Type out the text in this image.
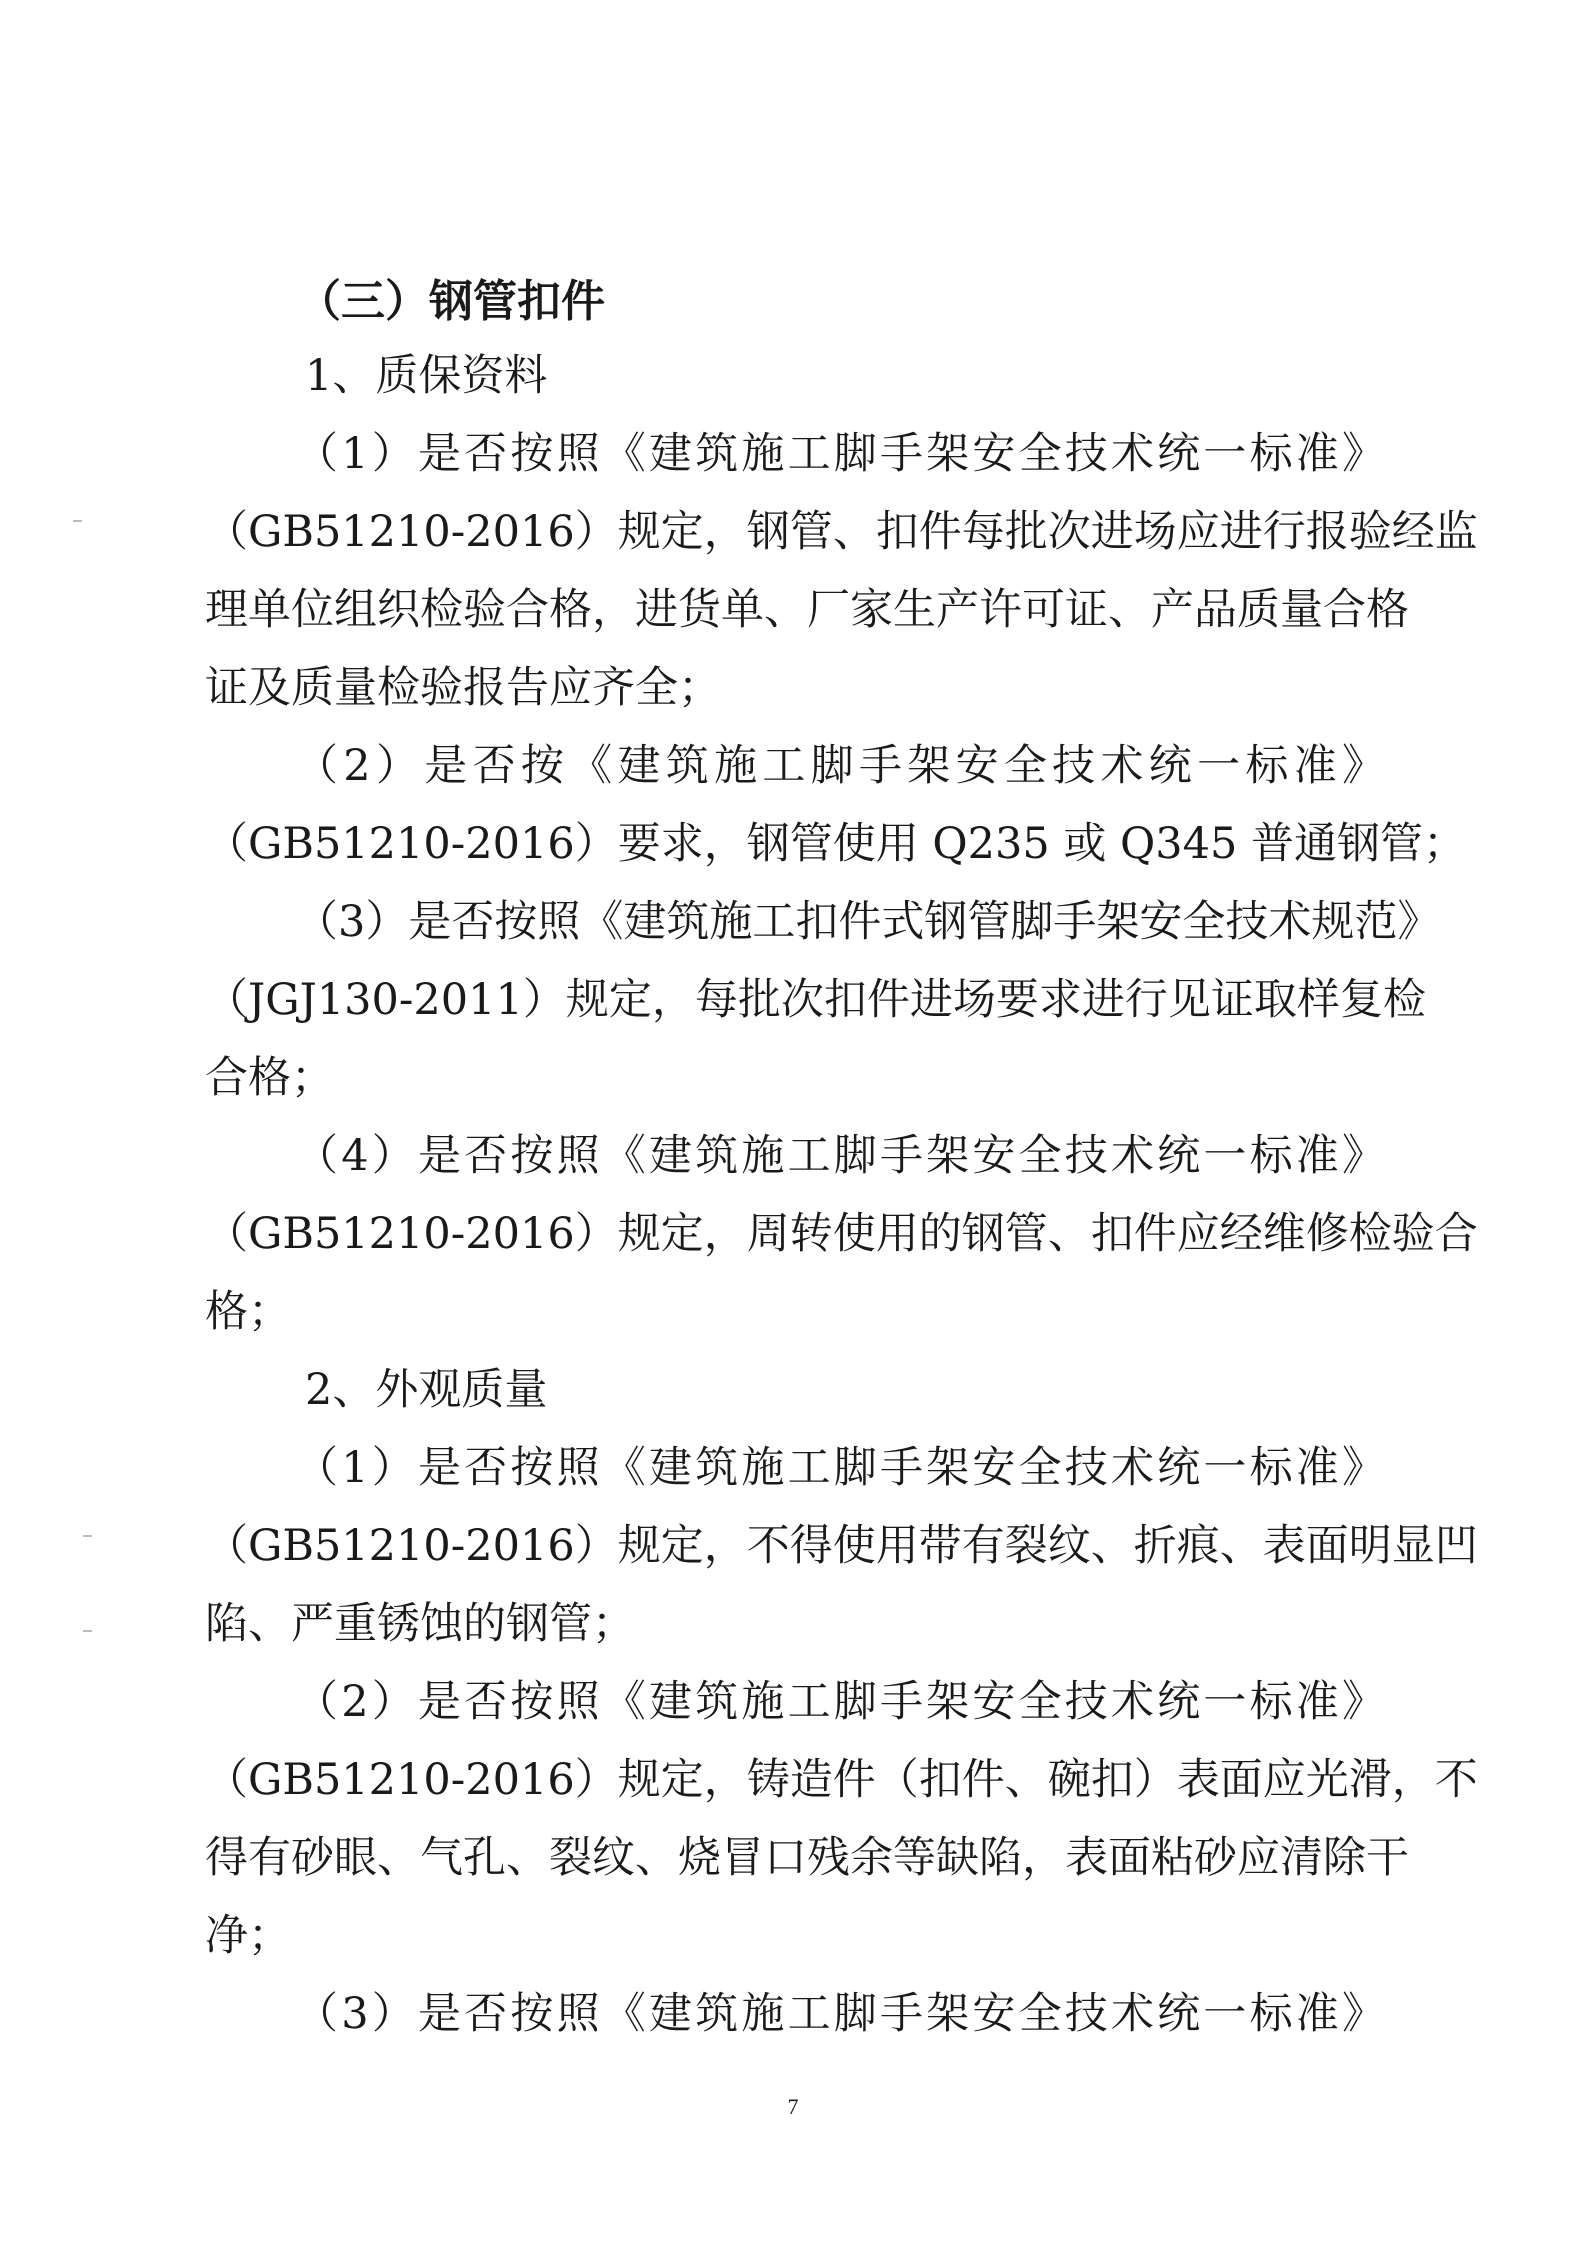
（三）钢管扣件
1、质保资料
（1）是否按照《建筑施工脚手架安全技术统一标准》
（GB51210-2016）规定，钢管、扣件每批次进场应进行报验经监
理单位组织检验合格，进货单、厂家生产许可证、产品质量合格
证及质量检验报告应齐全；
（2）是否按《建筑施工脚手架安全技术统一标准》
（GB51210-2016）要求，钢管使用 Q235 或 Q345 普通钢管；
（3）是否按照《建筑施工扣件式钢管脚手架安全技术规范》
（JGJ130-2011）规定，每批次扣件进场要求进行见证取样复检
合格；
（4）是否按照《建筑施工脚手架安全技术统一标准》
（GB51210-2016）规定，周转使用的钢管、扣件应经维修检验合
格；
2、外观质量
（1）是否按照《建筑施工脚手架安全技术统一标准》
（GB51210-2016）规定，不得使用带有裂纹、折痕、表面明显凹
陷、严重锈蚀的钢管；
（2）是否按照《建筑施工脚手架安全技术统一标准》
（GB51210-2016）规定，铸造件（扣件、碗扣）表面应光滑，不
得有砂眼、气孔、裂纹、烧冒口残余等缺陷，表面粘砂应清除干
净；
（3）是否按照《建筑施工脚手架安全技术统一标准》
7
